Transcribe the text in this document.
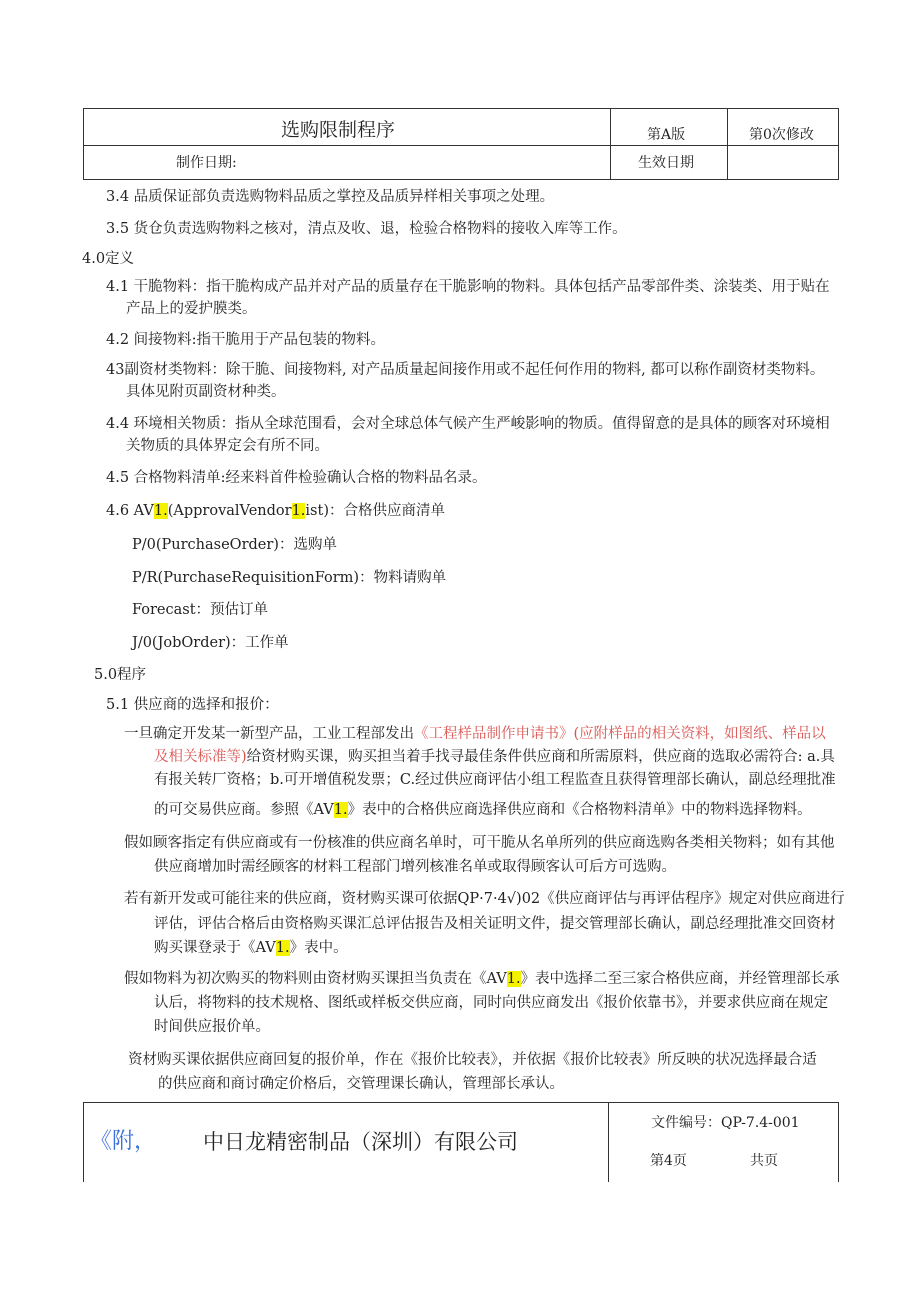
选购限制程序	第A版	第0次修改
制作日期:	生效日期
3.4 品质保证部负责选购物料品质之掌控及品质异样相关事项之处理。
3.5 货仓负责选购物料之核对，清点及收、退，检验合格物料的接收入库等工作。
4.0定义
4.1 干脆物料：指干脆构成产品并对产品的质量存在干脆影响的物料。具体包括产品零部件类、涂装类、用于贴在
产品上的爱护膜类。
4.2 间接物料:指干脆用于产品包装的物料。
43副资材类物料：除干脆、间接物料, 对产品质量起间接作用或不起任何作用的物料, 都可以称作副资材类物料。
具体见附页副资材种类。
4.4 环境相关物质：指从全球范围看，会对全球总体气候产生严峻影响的物质。值得留意的是具体的顾客对环境相
关物质的具体界定会有所不同。
4.5 合格物料清单:经来料首件检验确认合格的物料品名录。
4.6 AV1.(ApprovalVendor1.ist)：合格供应商清单
P/0(PurchaseOrder)：选购单
P/R(PurchaseRequisitionForm)：物料请购单
Forecast：预估订单
J/0(JobOrder)：工作单
5.0程序
5.1 供应商的选择和报价：
一旦确定开发某一新型产品，工业工程部发出《工程样品制作申请书》(应附样品的相关资料，如图纸、样品以
及相关标准等)给资材购买课，购买担当着手找寻最佳条件供应商和所需原料，供应商的选取必需符合: a.具
有报关转厂资格；b.可开增值税发票；C.经过供应商评估小组工程监查且获得管理部长确认，副总经理批准
的可交易供应商。参照《AV1.》表中的合格供应商选择供应商和《合格物料清单》中的物料选择物料。
假如顾客指定有供应商或有一份核准的供应商名单时，可干脆从名单所列的供应商选购各类相关物料；如有其他
供应商增加时需经顾客的材料工程部门增列核准名单或取得顾客认可后方可选购。
若有新开发或可能往来的供应商，资材购买课可依据QP·7·4√)02《供应商评估与再评估程序》规定对供应商进行
评估，评估合格后由资格购买课汇总评估报告及相关证明文件，提交管理部长确认，副总经理批准交回资材
购买课登录于《AV1.》表中。
假如物料为初次购买的物料则由资材购买课担当负责在《AV1.》表中选择二至三家合格供应商，并经管理部长承
认后，将物料的技术规格、图纸或样板交供应商，同时向供应商发出《报价依靠书》，并要求供应商在规定
时间供应报价单。
资材购买课依据供应商回复的报价单，作在《报价比较表》，并依据《报价比较表》所反映的状况选择最合适
的供应商和商讨确定价格后，交管理课长确认，管理部长承认。
《附， 中日龙精密制品（深圳）有限公司
文件编号：QP-7.4-001
第4页	共页
